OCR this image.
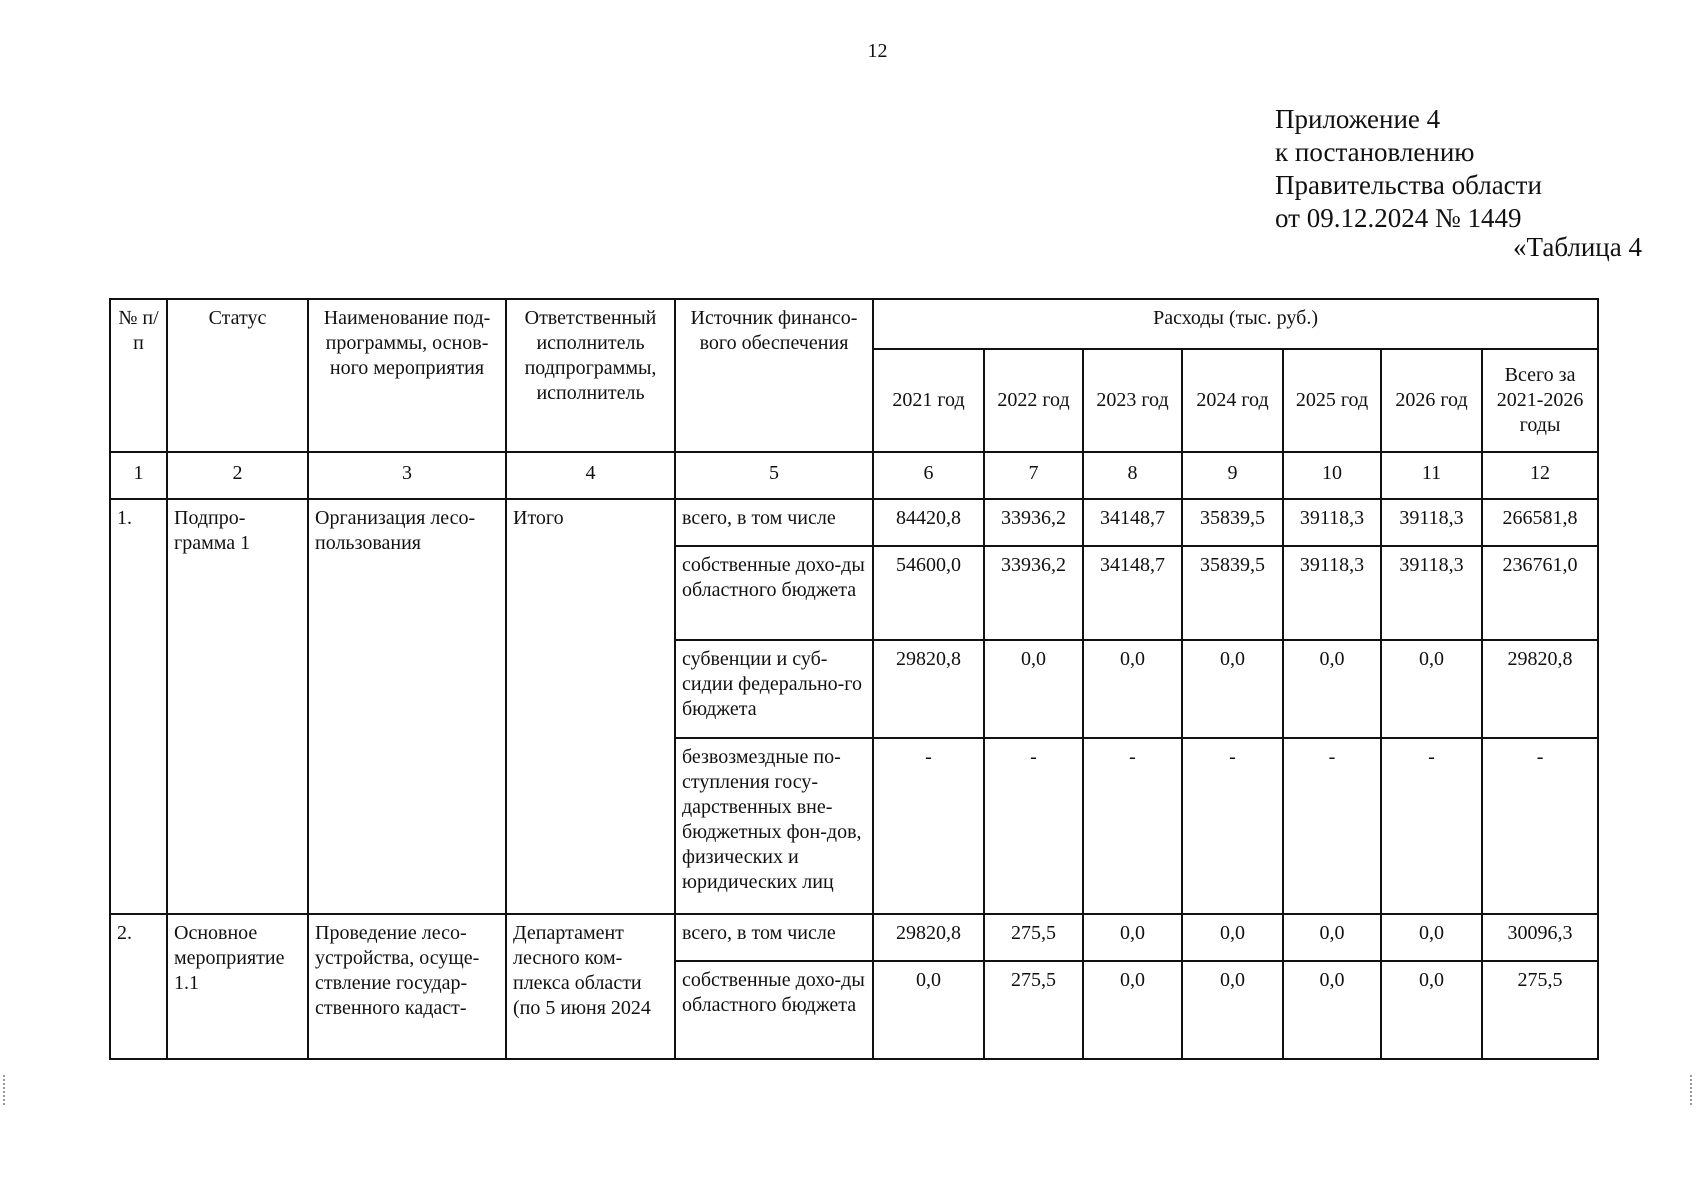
12
Приложение 4
к постановлению
Правительства области
от 09.12.2024 № 1449
«Таблица 4
№ п/п	Статус	Наименование под-программы, основ-ного мероприятия	Ответственный исполнитель подпрограммы, исполнитель	Источник финансо-вого обеспечения	Расходы (тыс. руб.)						
					2021 год	2022 год	2023 год	2024 год	2025 год	2026 год	Всего за 2021-2026 годы
1	2	3	4	5	6	7	8	9	10	11	12
1.	Подпро-грамма 1	Организация лесо-пользования	Итого	всего, в том числе	84420,8	33936,2	34148,7	35839,5	39118,3	39118,3	266581,8
				собственные дохо-ды областного бюджета	54600,0	33936,2	34148,7	35839,5	39118,3	39118,3	236761,0
				субвенции и суб-сидии федерально-го бюджета	29820,8	0,0	0,0	0,0	0,0	0,0	29820,8
				безвозмездные по-ступления госу-дарственных вне-бюджетных фон-дов, физических и юридических лиц	-	-	-	-	-	-	-
2.	Основное мероприятие 1.1	Проведение лесо-устройства, осуще-ствление государ-ственного кадаст-	Департамент лесного ком-плекса области (по 5 июня 2024	всего, в том числе	29820,8	275,5	0,0	0,0	0,0	0,0	30096,3
				собственные дохо-ды областного бюджета	0,0	275,5	0,0	0,0	0,0	0,0	275,5
